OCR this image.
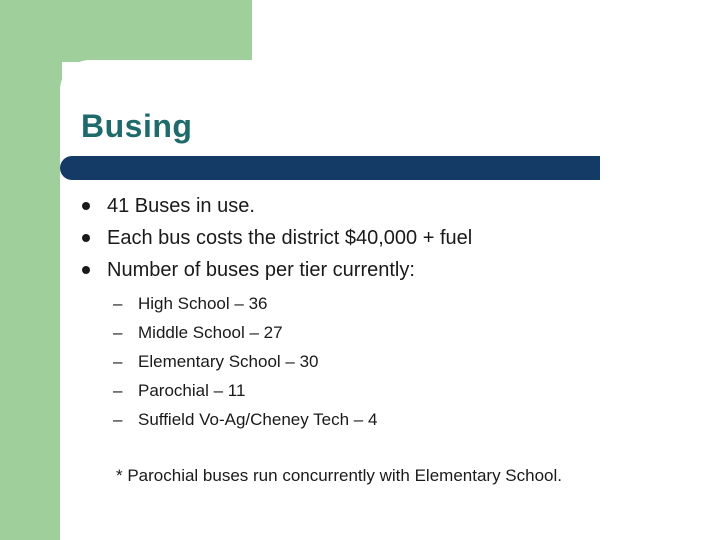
Busing
41 Buses in use.
Each bus costs the district $40,000 + fuel
Number of buses per tier currently:
– High School – 36
– Middle School – 27
– Elementary School – 30
– Parochial – 11
– Suffield Vo-Ag/Cheney Tech – 4
* Parochial buses run concurrently with Elementary School.
